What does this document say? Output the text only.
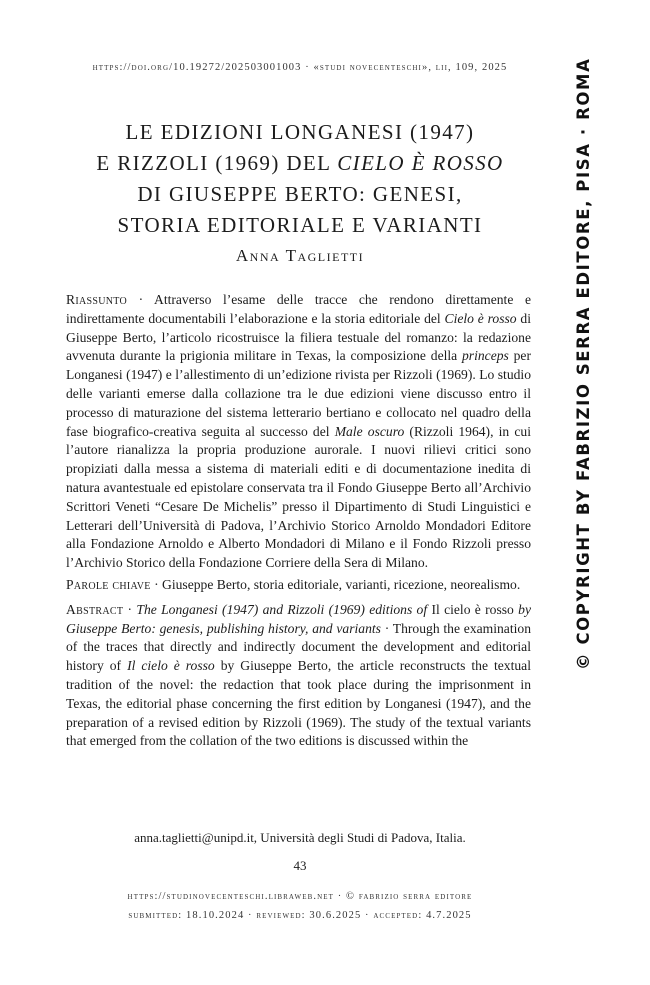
https://doi.org/10.19272/202503001003 · «studi novecenteschi», lii, 109, 2025
LE EDIZIONI LONGANESI (1947)
E RIZZOLI (1969) DEL CIELO È ROSSO
DI GIUSEPPE BERTO: GENESI,
STORIA EDITORIALE E VARIANTI
Anna Taglietti

Riassunto · Attraverso l’esame delle tracce che rendono direttamente e indirettamente documentabili l’elaborazione e la storia editoriale del Cielo è rosso di Giuseppe Berto, l’articolo ricostruisce la filiera testuale del romanzo: la redazione avvenuta durante la prigionia militare in Texas, la composizione della princeps per Longanesi (1947) e l’allestimento di un’edizione rivista per Rizzoli (1969). Lo studio delle varianti emerse dalla collazione tra le due edizioni viene discusso entro il processo di maturazione del sistema letterario bertiano e collocato nel quadro della fase biografico-creativa seguita al successo del Male oscuro (Rizzoli 1964), in cui l’autore rianalizza la propria produzione aurorale. I nuovi rilievi critici sono propiziati dalla messa a sistema di materiali editi e di documentazione inedita di natura avantestuale ed epistolare conservata tra il Fondo Giuseppe Berto all’Archivio Scrittori Veneti “Cesare De Michelis” presso il Dipartimento di Studi Linguistici e Letterari dell’Università di Padova, l’Archivio Storico Arnoldo Mondadori Editore alla Fondazione Arnoldo e Alberto Mondadori di Milano e il Fondo Rizzoli presso l’Archivio Storico della Fondazione Corriere della Sera di Milano.

Parole chiave · Giuseppe Berto, storia editoriale, varianti, ricezione, neorealismo.

Abstract · The Longanesi (1947) and Rizzoli (1969) editions of Il cielo è rosso by Giuseppe Berto: genesis, publishing history, and variants · Through the examination of the traces that directly and indirectly document the development and editorial history of Il cielo è rosso by Giuseppe Berto, the article reconstructs the textual tradition of the novel: the redaction that took place during the imprisonment in Texas, the editorial phase concerning the first edition by Longanesi (1947), and the preparation of a revised edition by Rizzoli (1969). The study of the textual variants that emerged from the collation of the two editions is discussed within the

anna.taglietti@unipd.it, Università degli Studi di Padova, Italia.
43
https://studinovecenteschi.libraweb.net · © fabrizio serra editore
submitted: 18.10.2024 · reviewed: 30.6.2025 · accepted: 4.7.2025
© COPYRIGHT BY FABRIZIO SERRA EDITORE, PISA · ROMA
